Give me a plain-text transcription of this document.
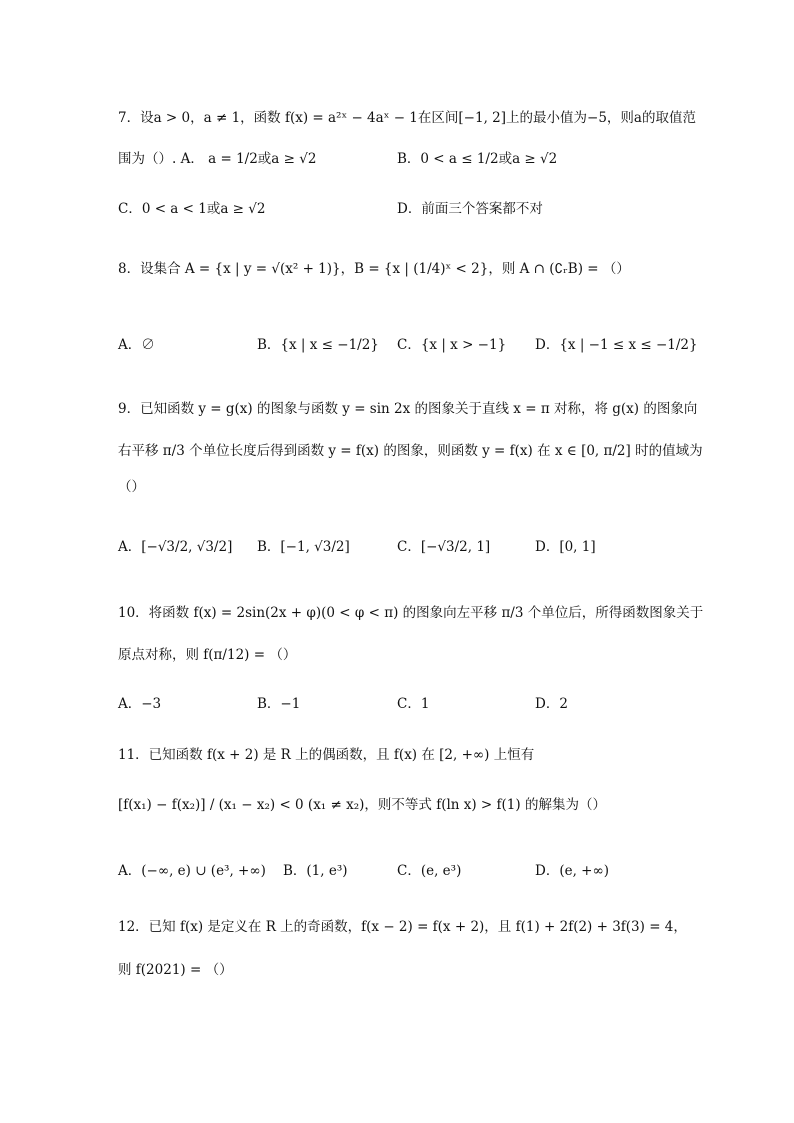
7．设a > 0，a ≠ 1，函数 f(x) = a²ˣ − 4aˣ − 1在区间[−1, 2]上的最小值为−5，则a的取值范
围为（）. A． a = 1/2或a ≥ √2	B．0 < a ≤ 1/2或a ≥ √2
C．0 < a < 1或a ≥ √2	D．前面三个答案都不对
8．设集合 A = {x | y = √(x² + 1)}，B = {x | (1/4)ˣ < 2}，则 A ∩ (∁ᵣB) = （）
A．∅	B．{x | x ≤ −1/2} C．{x | x > −1} D．{x | −1 ≤ x ≤ −1/2}
9．已知函数 y = g(x) 的图象与函数 y = sin 2x 的图象关于直线 x = π 对称，将 g(x) 的图象向
右平移 π/3 个单位长度后得到函数 y = f(x) 的图象，则函数 y = f(x) 在 x ∈ [0, π/2] 时的值域为
（）
A．[−√3/2, √3/2] B．[−1, √3/2]	C．[−√3/2, 1]	D．[0, 1]
10．将函数 f(x) = 2sin(2x + φ)(0 < φ < π) 的图象向左平移 π/3 个单位后，所得函数图象关于
原点对称，则 f(π/12) = （）
A．−3	B．−1	C．1	D．2
11．已知函数 f(x + 2) 是 R 上的偶函数，且 f(x) 在 [2, +∞) 上恒有
[f(x₁) − f(x₂)] / (x₁ − x₂) < 0 (x₁ ≠ x₂)，则不等式 f(ln x) > f(1) 的解集为（）
A．(−∞, e) ∪ (e³, +∞) B．(1, e³)	C．(e, e³)	D．(e, +∞)
12．已知 f(x) 是定义在 R 上的奇函数，f(x − 2) = f(x + 2)，且 f(1) + 2f(2) + 3f(3) = 4，
则 f(2021) = （）
